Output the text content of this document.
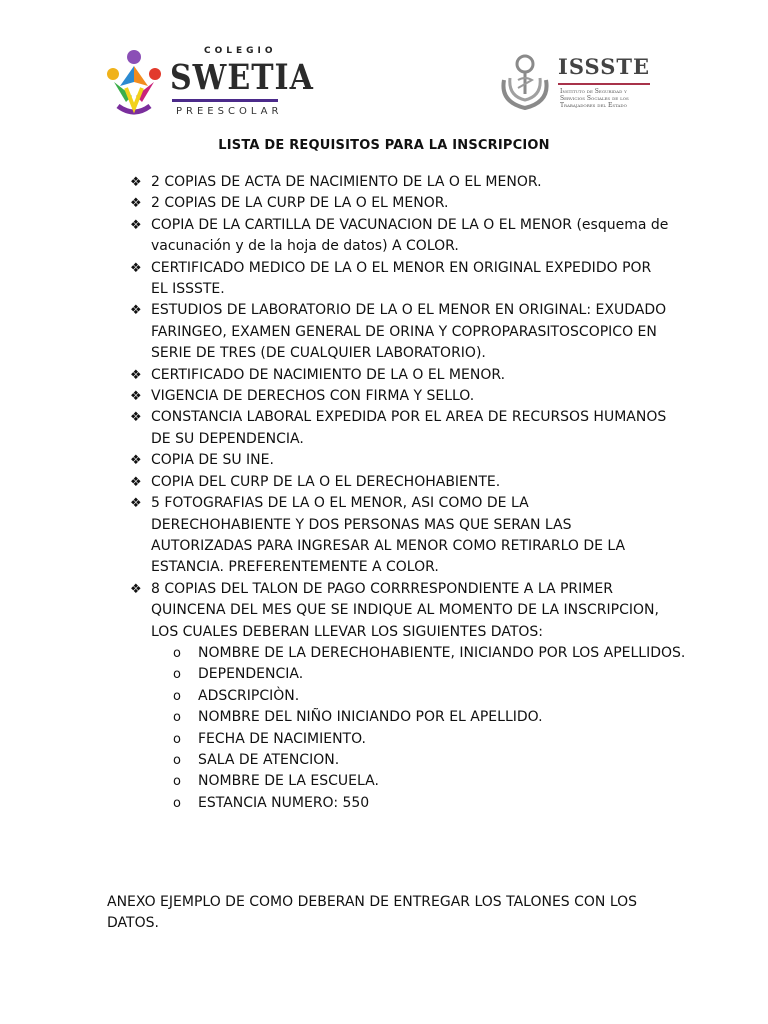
COLEGIO
SWETIA
PREESCOLAR
ISSSTE
Instituto de Seguridad y Servicios Sociales de los Trabajadores del Estado
LISTA DE REQUISITOS PARA LA INSCRIPCION
❖ 2 COPIAS DE ACTA DE NACIMIENTO DE LA O EL MENOR.
❖ 2 COPIAS DE LA CURP DE LA O EL MENOR.
❖ COPIA DE LA CARTILLA DE VACUNACION DE LA O EL MENOR (esquema de vacunación y de la hoja de datos) A COLOR.
❖ CERTIFICADO MEDICO DE LA O EL MENOR EN ORIGINAL EXPEDIDO POR EL ISSSTE.
❖ ESTUDIOS DE LABORATORIO DE LA O EL MENOR EN ORIGINAL: EXUDADO FARINGEO, EXAMEN GENERAL DE ORINA Y COPROPARASITOSCOPICO EN SERIE DE TRES (DE CUALQUIER LABORATORIO).
❖ CERTIFICADO DE NACIMIENTO DE LA O EL MENOR.
❖ VIGENCIA DE DERECHOS CON FIRMA Y SELLO.
❖ CONSTANCIA LABORAL EXPEDIDA POR EL AREA DE RECURSOS HUMANOS DE SU DEPENDENCIA.
❖ COPIA DE SU INE.
❖ COPIA DEL CURP DE LA O EL DERECHOHABIENTE.
❖ 5 FOTOGRAFIAS DE LA O EL MENOR, ASI COMO DE LA DERECHOHABIENTE Y DOS PERSONAS MAS QUE SERAN LAS AUTORIZADAS PARA INGRESAR AL MENOR COMO RETIRARLO DE LA ESTANCIA. PREFERENTEMENTE A COLOR.
❖ 8 COPIAS DEL TALON DE PAGO CORRRESPONDIENTE A LA PRIMER QUINCENA DEL MES QUE SE INDIQUE AL MOMENTO DE LA INSCRIPCION, LOS CUALES DEBERAN LLEVAR LOS SIGUIENTES DATOS:
o NOMBRE DE LA DERECHOHABIENTE, INICIANDO POR LOS APELLIDOS.
o DEPENDENCIA.
o ADSCRIPCIÒN.
o NOMBRE DEL NIÑO INICIANDO POR EL APELLIDO.
o FECHA DE NACIMIENTO.
o SALA DE ATENCION.
o NOMBRE DE LA ESCUELA.
o ESTANCIA NUMERO: 550
ANEXO EJEMPLO DE COMO DEBERAN DE ENTREGAR LOS TALONES CON LOS DATOS.
